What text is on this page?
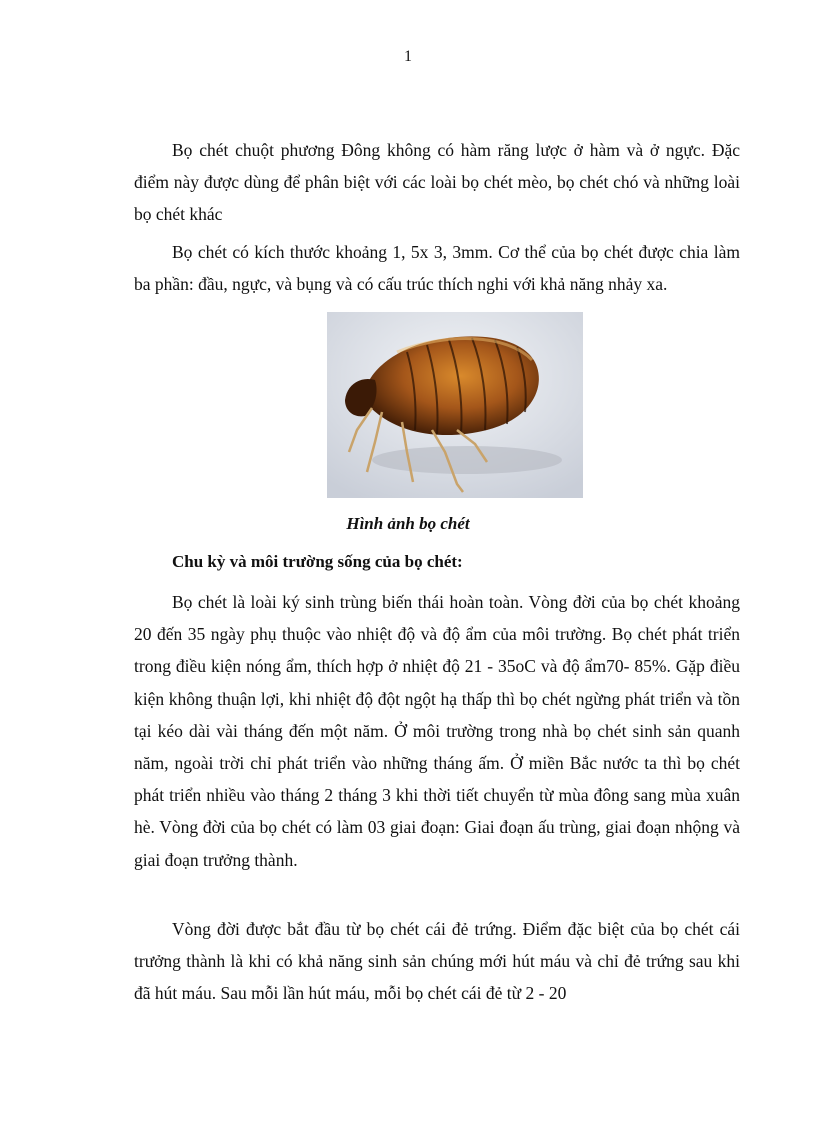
1

Bọ chét chuột phương Đông không có hàm răng lược ở hàm và ở ngực. Đặc điểm này được dùng để phân biệt với các loài bọ chét mèo, bọ chét chó và những loài bọ chét khác

Bọ chét có kích thước khoảng 1, 5x 3, 3mm. Cơ thể của bọ chét được chia làm ba phần: đầu, ngực, và bụng và có cấu trúc thích nghi với khả năng nhảy xa.

Hình ảnh bọ chét
Chu kỳ và môi trường sống của bọ chét:

Bọ chét là loài ký sinh trùng biến thái hoàn toàn. Vòng đời của bọ chét khoảng 20 đến 35 ngày phụ thuộc vào nhiệt độ và độ ẩm của môi trường. Bọ chét phát triển trong điều kiện nóng ẩm, thích hợp ở nhiệt độ 21 - 35oC và độ ẩm70- 85%. Gặp điều kiện không thuận lợi, khi nhiệt độ đột ngột hạ thấp thì bọ chét ngừng phát triển và tồn tại kéo dài vài tháng đến một năm. Ở môi trường trong nhà bọ chét sinh sản quanh năm, ngoài trời chỉ phát triển vào những tháng ấm. Ở miền Bắc nước ta thì bọ chét phát triển nhiều vào tháng 2 tháng 3 khi thời tiết chuyển từ mùa đông sang mùa xuân hè. Vòng đời của bọ chét có làm 03 giai đoạn: Giai đoạn ấu trùng, giai đoạn nhộng và giai đoạn trưởng thành.

Vòng đời được bắt đầu từ bọ chét cái đẻ trứng. Điểm đặc biệt của bọ chét cái trưởng thành là khi có khả năng sinh sản chúng mới hút máu và chỉ đẻ trứng sau khi đã hút máu. Sau mỗi lần hút máu, mỗi bọ chét cái đẻ từ 2 - 20
